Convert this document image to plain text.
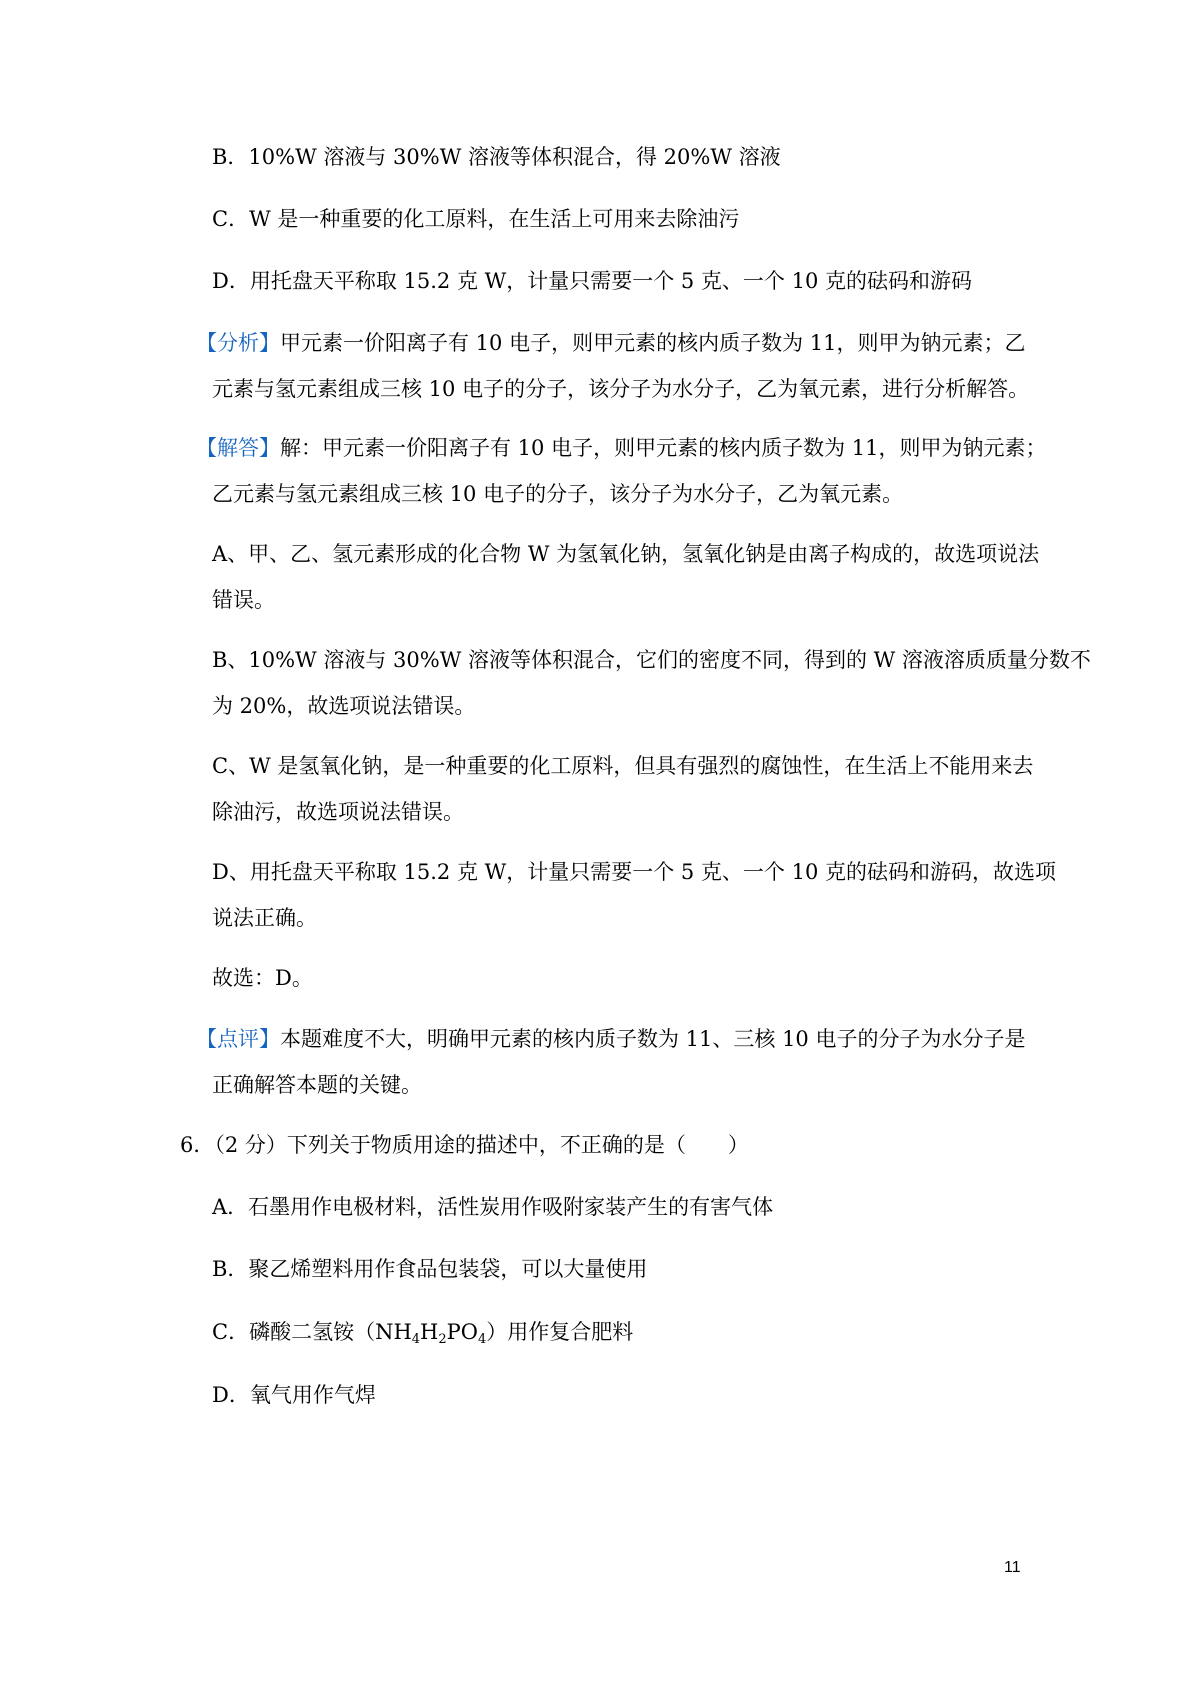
B．10%W 溶液与 30%W 溶液等体积混合，得 20%W 溶液
C．W 是一种重要的化工原料，在生活上可用来去除油污
D．用托盘天平称取 15.2 克 W，计量只需要一个 5 克、一个 10 克的砝码和游码
【分析】甲元素一价阳离子有 10 电子，则甲元素的核内质子数为 11，则甲为钠元素；乙
元素与氢元素组成三核 10 电子的分子，该分子为水分子，乙为氧元素，进行分析解答。
【解答】解：甲元素一价阳离子有 10 电子，则甲元素的核内质子数为 11，则甲为钠元素；
乙元素与氢元素组成三核 10 电子的分子，该分子为水分子，乙为氧元素。
A、甲、乙、氢元素形成的化合物 W 为氢氧化钠，氢氧化钠是由离子构成的，故选项说法
错误。
B、10%W 溶液与 30%W 溶液等体积混合，它们的密度不同，得到的 W 溶液溶质质量分数不
为 20%，故选项说法错误。
C、W 是氢氧化钠，是一种重要的化工原料，但具有强烈的腐蚀性，在生活上不能用来去
除油污，故选项说法错误。
D、用托盘天平称取 15.2 克 W，计量只需要一个 5 克、一个 10 克的砝码和游码，故选项
说法正确。
故选：D。
【点评】本题难度不大，明确甲元素的核内质子数为 11、三核 10 电子的分子为水分子是
正确解答本题的关键。
6．（2 分）下列关于物质用途的描述中，不正确的是（　　）
A．石墨用作电极材料，活性炭用作吸附家装产生的有害气体
B．聚乙烯塑料用作食品包装袋，可以大量使用
C．磷酸二氢铵$(NH_4H_2PO_4)$用作复合肥料
D．氧气用作气焊
11
